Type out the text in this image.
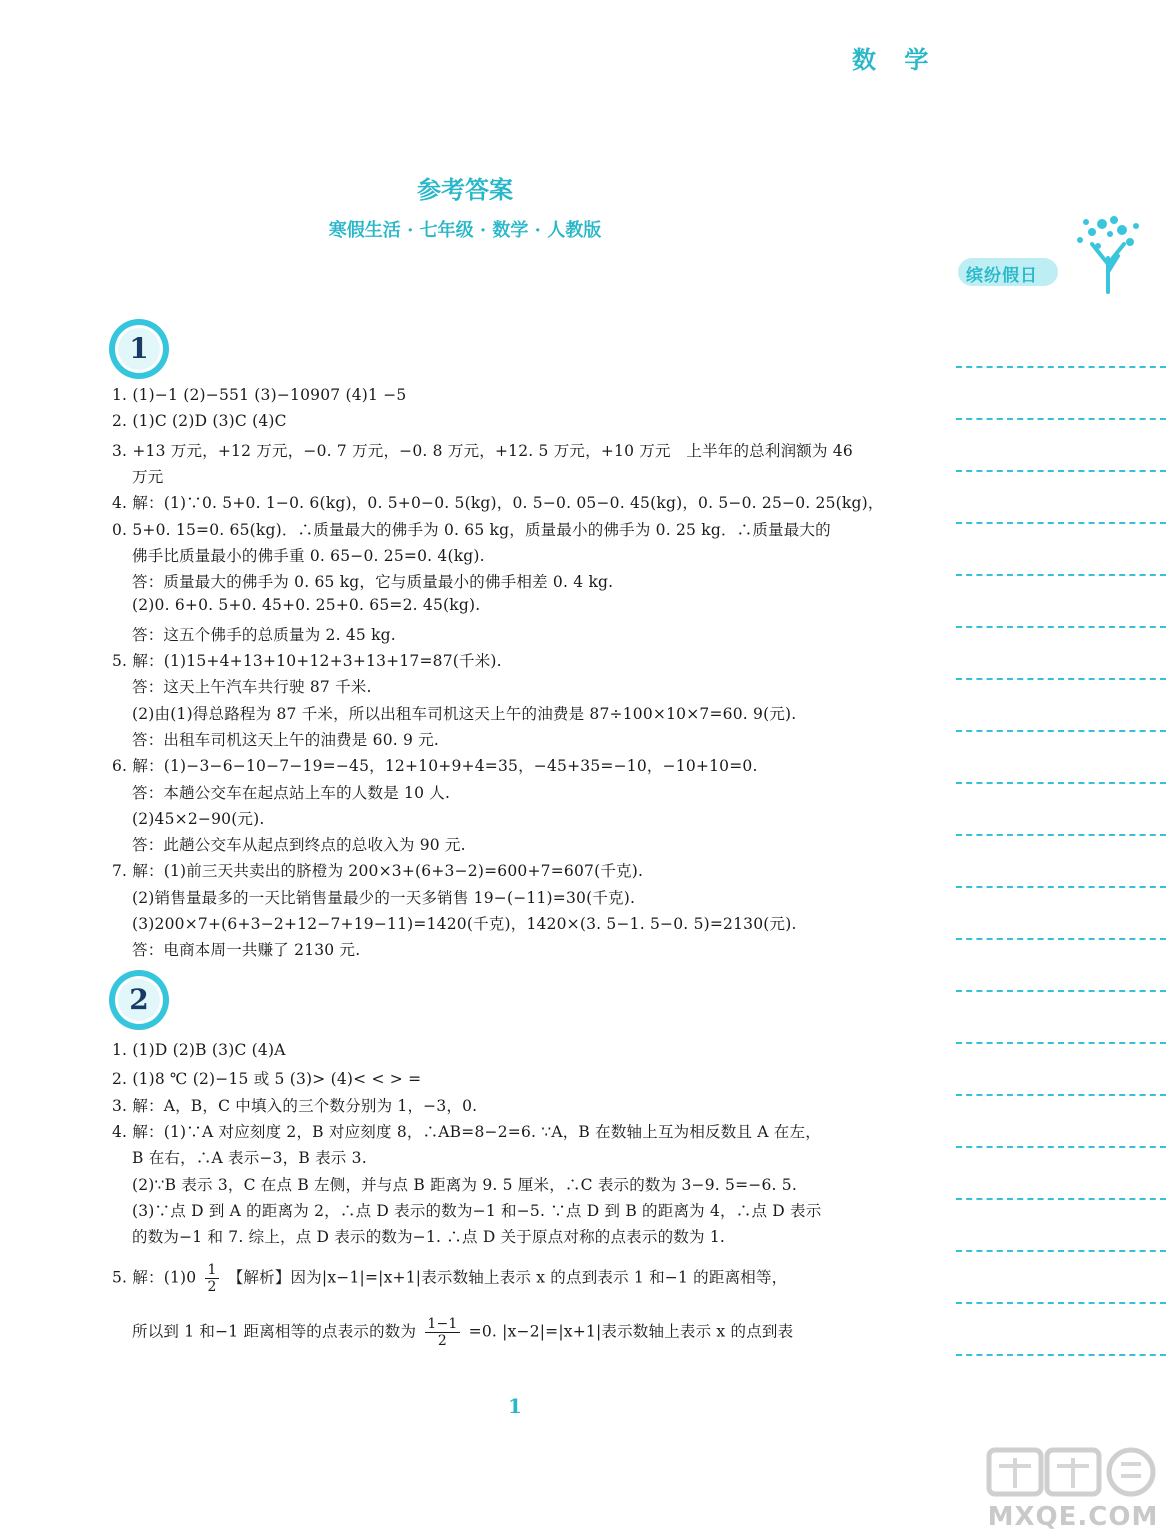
数 学
参考答案
寒假生活 · 七年级 · 数学 · 人教版
缤纷假日
1
1. (1)−1 (2)−551 (3)−10907 (4)1 −5
2. (1)C (2)D (3)C (4)C
3. +13 万元，+12 万元，−0. 7 万元，−0. 8 万元，+12. 5 万元，+10 万元　上半年的总利润额为 46
万元
4. 解：(1)∵0. 5+0. 1−0. 6(kg)，0. 5+0−0. 5(kg)，0. 5−0. 05−0. 45(kg)，0. 5−0. 25−0. 25(kg)，
0. 5+0. 15=0. 65(kg)．∴质量最大的佛手为 0. 65 kg，质量最小的佛手为 0. 25 kg．∴质量最大的
佛手比质量最小的佛手重 0. 65−0. 25=0. 4(kg).
答：质量最大的佛手为 0. 65 kg，它与质量最小的佛手相差 0. 4 kg.
(2)0. 6+0. 5+0. 45+0. 25+0. 65=2. 45(kg).
答：这五个佛手的总质量为 2. 45 kg.
5. 解：(1)15+4+13+10+12+3+13+17=87(千米).
答：这天上午汽车共行驶 87 千米.
(2)由(1)得总路程为 87 千米，所以出租车司机这天上午的油费是 87÷100×10×7=60. 9(元).
答：出租车司机这天上午的油费是 60. 9 元.
6. 解：(1)−3−6−10−7−19=−45，12+10+9+4=35，−45+35=−10，−10+10=0.
答：本趟公交车在起点站上车的人数是 10 人.
(2)45×2−90(元).
答：此趟公交车从起点到终点的总收入为 90 元.
7. 解：(1)前三天共卖出的脐橙为 200×3+(6+3−2)=600+7=607(千克).
(2)销售量最多的一天比销售量最少的一天多销售 19−(−11)=30(千克).
(3)200×7+(6+3−2+12−7+19−11)=1420(千克)，1420×(3. 5−1. 5−0. 5)=2130(元).
答：电商本周一共赚了 2130 元.
2
1. (1)D (2)B (3)C (4)A
2. (1)8 ℃ (2)−15 或 5 (3)> (4)< < > =
3. 解：A，B，C 中填入的三个数分别为 1，−3，0.
4. 解：(1)∵A 对应刻度 2，B 对应刻度 8，∴AB=8−2=6. ∵A，B 在数轴上互为相反数且 A 在左，
B 在右，∴A 表示−3，B 表示 3.
(2)∵B 表示 3，C 在点 B 左侧，并与点 B 距离为 9. 5 厘米，∴C 表示的数为 3−9. 5=−6. 5.
(3)∵点 D 到 A 的距离为 2，∴点 D 表示的数为−1 和−5. ∵点 D 到 B 的距离为 4，∴点 D 表示
的数为−1 和 7. 综上，点 D 表示的数为−1. ∴点 D 关于原点对称的点表示的数为 1.
5. 解：$(1)0 \frac{1}{2}$ 【解析】因为|x−1|=|x+1|表示数轴上表示 x 的点到表示 1 和−1 的距离相等，
所以到 1 和−1 距离相等的点表示的数为 $\frac{1-1}{2} =0$. |x−2|=|x+1|表示数轴上表示 x 的点到表
1
MXQE.COM
